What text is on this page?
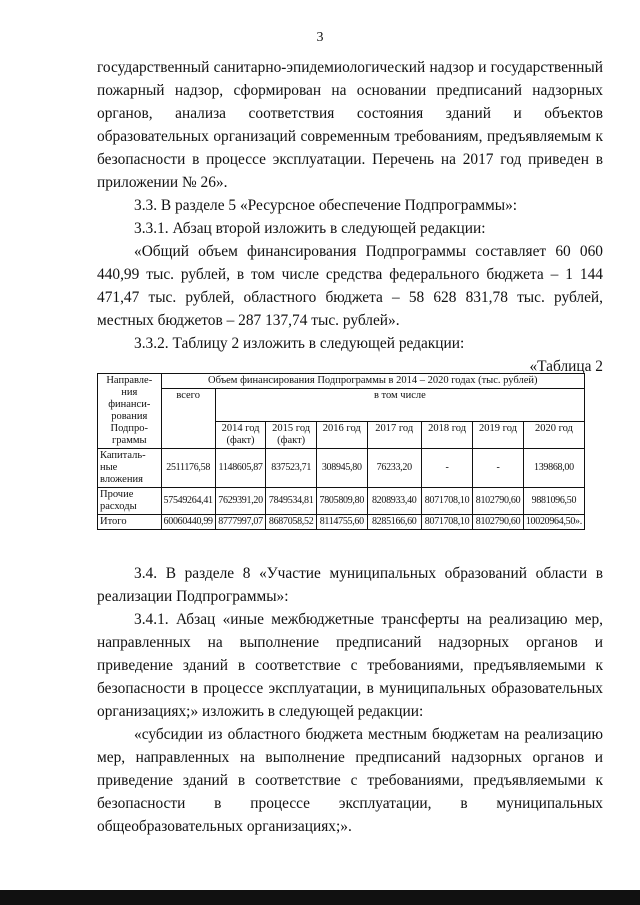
3

государственный санитарно-эпидемиологический надзор и государственный пожарный надзор, сформирован на основании предписаний надзорных органов, анализа соответствия состояния зданий и объектов образовательных организаций современным требованиям, предъявляемым к безопасности в процессе эксплуатации. Перечень на 2017 год приведен в приложении № 26».

3.3. В разделе 5 «Ресурсное обеспечение Подпрограммы»:

3.3.1. Абзац второй изложить в следующей редакции:

«Общий объем финансирования Подпрограммы составляет 60 060 440,99 тыс. рублей, в том числе средства федерального бюджета – 1 144 471,47 тыс. рублей, областного бюджета – 58 628 831,78 тыс. рублей, местных бюджетов – 287 137,74 тыс. рублей».

3.3.2. Таблицу 2 изложить в следующей редакции:

«Таблица 2

Направле-ния финанси-рования Подпро-граммы	Объем финансирования Подпрограммы в 2014 – 2020 годах (тыс. рублей)							
	всего	в том числе						
		2014 год (факт)	2015 год (факт)	2016 год	2017 год	2018 год	2019 год	2020 год
Капиталь-ные вложения	2511176,58	1148605,87	837523,71	308945,80	76233,20	-	-	139868,00
Прочие расходы	57549264,41	7629391,20	7849534,81	7805809,80	8208933,40	8071708,10	8102790,60	9881096,50
Итого	60060440,99	8777997,07	8687058,52	8114755,60	8285166,60	8071708,10	8102790,60	10020964,50».

3.4. В разделе 8 «Участие муниципальных образований области в реализации Подпрограммы»:

3.4.1. Абзац «иные межбюджетные трансферты на реализацию мер, направленных на выполнение предписаний надзорных органов и приведение зданий в соответствие с требованиями, предъявляемыми к безопасности в процессе эксплуатации, в муниципальных образовательных организациях;» изложить в следующей редакции:

«субсидии из областного бюджета местным бюджетам на реализацию мер, направленных на выполнение предписаний надзорных органов и приведение зданий в соответствие с требованиями, предъявляемыми к безопасности в процессе эксплуатации, в муниципальных общеобразовательных организациях;».
